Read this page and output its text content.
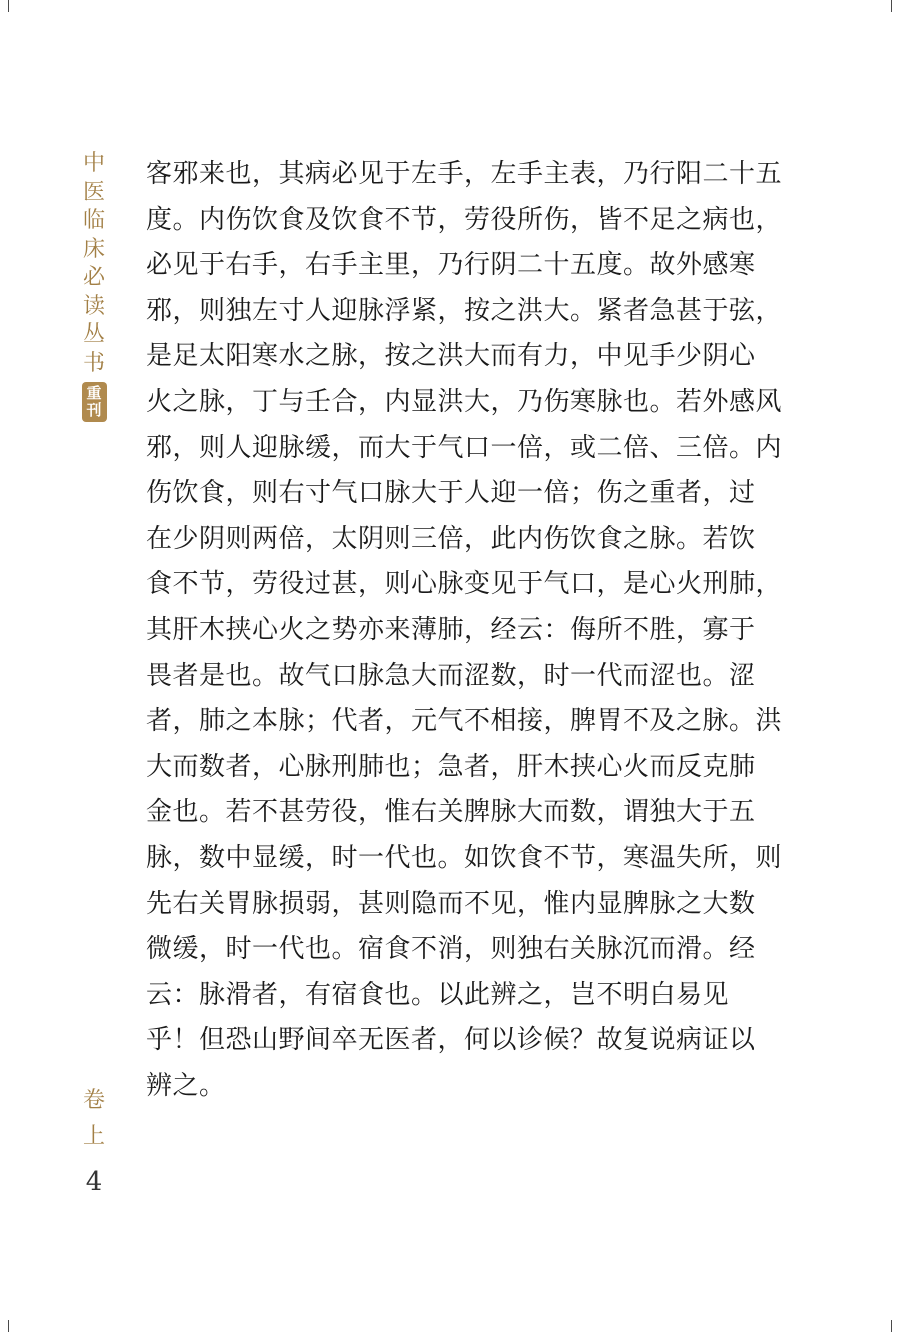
中
医
临
床
必
读
丛
书
重
刊
客邪来也，其病必见于左手，左手主表，乃行阳二十五
度。内伤饮食及饮食不节，劳役所伤，皆不足之病也，
必见于右手，右手主里，乃行阴二十五度。故外感寒
邪，则独左寸人迎脉浮紧，按之洪大。紧者急甚于弦，
是足太阳寒水之脉，按之洪大而有力，中见手少阴心
火之脉，丁与壬合，内显洪大，乃伤寒脉也。若外感风
邪，则人迎脉缓，而大于气口一倍，或二倍、三倍。内
伤饮食，则右寸气口脉大于人迎一倍；伤之重者，过
在少阴则两倍，太阴则三倍，此内伤饮食之脉。若饮
食不节，劳役过甚，则心脉变见于气口，是心火刑肺，
其肝木挟心火之势亦来薄肺，经云：侮所不胜，寡于
畏者是也。故气口脉急大而涩数，时一代而涩也。涩
者，肺之本脉；代者，元气不相接，脾胃不及之脉。洪
大而数者，心脉刑肺也；急者，肝木挟心火而反克肺
金也。若不甚劳役，惟右关脾脉大而数，谓独大于五
脉，数中显缓，时一代也。如饮食不节，寒温失所，则
先右关胃脉损弱，甚则隐而不见，惟内显脾脉之大数
微缓，时一代也。宿食不消，则独右关脉沉而滑。经
云：脉滑者，有宿食也。以此辨之，岂不明白易见
乎！但恐山野间卒无医者，何以诊候？故复说病证以
辨之。
卷
上
4
